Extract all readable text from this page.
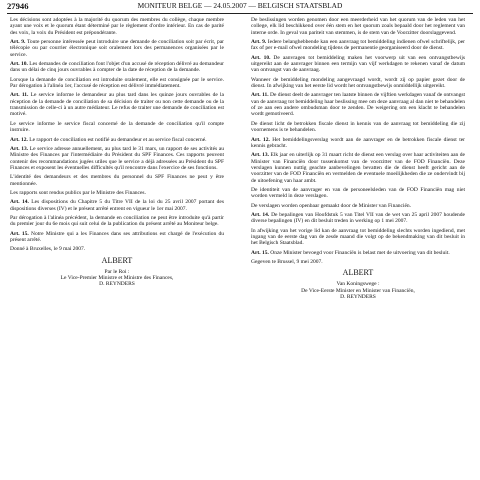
27946	MONITEUR BELGE — 24.05.2007 — BELGISCH STAATSBLAD

Les décisions sont adoptées à la majorité du quorum des membres du collège, chaque membre ayant une voix et le quorum étant déterminé par le règlement d'ordre intérieur. En cas de parité des voix, la voix du Président est prépondérante.

Art. 9. Toute personne intéressée peut introduire une demande de conciliation soit par écrit, par télécopie ou par courrier électronique soit oralement lors des permanences organisées par le service.

Art. 10. Les demandes de conciliation font l'objet d'un accusé de réception délivré au demandeur dans un délai de cinq jours ouvrables à compter de la date de réception de la demande.

Lorsque la demande de conciliation est introduite oralement, elle est consignée par le service. Par dérogation à l'alinéa 1er, l'accusé de réception est délivré immédiatement.

Art. 11. Le service informe le demandeur au plus tard dans les quinze jours ouvrables de la réception de la demande de conciliation de sa décision de traiter ou non cette demande ou de la transmission de celle-ci à un autre médiateur. Le refus de traiter une demande de conciliation est motivé.

Le service informe le service fiscal concerné de la demande de conciliation qu'il compte instruire.

Art. 12. Le rapport de conciliation est notifié au demandeur et au service fiscal concerné.

Art. 13. Le service adresse annuellement, au plus tard le 31 mars, un rapport de ses activités au Ministre des Finances par l'intermédiaire du Président du SPF Finances. Ces rapports peuvent contenir des recommandations jugées utiles que le service a déjà adressées au Président du SPF Finances et exposent les éventuelles difficultés qu'il rencontre dans l'exercice de ses fonctions.

L'identité des demandeurs et des membres du personnel du SPF Finances ne peut y être mentionnée.

Les rapports sont rendus publics par le Ministre des Finances.

Art. 14. Les dispositions du Chapitre 5 du Titre VII de la loi du 25 avril 2007 portant des dispositions diverses (IV) et le présent arrêté entrent en vigueur le 1er mai 2007.

Par dérogation à l'alinéa précédent, la demande en conciliation ne peut être introduite qu'à partir du premier jour du 6e mois qui suit celui de la publication du présent arrêté au Moniteur belge.

Art. 15. Notre Ministre qui a les Finances dans ses attributions est chargé de l'exécution du présent arrêté.

Donné à Bruxelles, le 9 mai 2007.

ALBERT

Par le Roi :

Le Vice-Premier Ministre et Ministre des Finances,

D. REYNDERS

De beslissingen worden genomen door een meerderheid van het quorum van de leden van het college, elk lid beschikkend over één stem en het quorum zoals bepaald door het reglement van interne orde. In geval van pariteit van stemmen, is de stem van de Voorzitter doorslaggevend.

Art. 9. Iedere belanghebbende kan een aanvraag tot bemiddeling indienen ofwel schriftelijk, per fax of per e-mail ofwel mondeling tijdens de permanentie georganiseerd door de dienst.

Art. 10. De aanvragen tot bemiddeling maken het voorwerp uit van een ontvangstbewijs uitgereikt aan de aanvrager binnen een termijn van vijf werkdagen te rekenen vanaf de datum van ontvangst van de aanvraag.

Wanneer de bemiddeling mondeling aangevraagd wordt, wordt zij op papier gezet door de dienst. In afwijking van het eerste lid wordt het ontvangstbewijs onmiddellijk uitgereikt.

Art. 11. De dienst deelt de aanvrager ten laatste binnen de vijftien werkdagen vanaf de ontvangst van de aanvraag tot bemiddeling haar beslissing mee om deze aanvraag al dan niet te behandelen of ze aan een andere ombudsman door te zenden. De weigering om een klacht te behandelen wordt gemotiveerd.

De dienst licht de betrokken fiscale dienst in kennis van de aanvraag tot bemiddeling die zij voornemens is te behandelen.

Art. 12. Het bemiddelingsverslag wordt aan de aanvrager en de betrokken fiscale dienst ter kennis gebracht.

Art. 13. Elk jaar en uiterlijk op 31 maart richt de dienst een verslag over haar activiteiten aan de Minister van Financiën door tussenkomst van de voorzitter van de FOD Financiën. Deze verslagen kunnen nuttig geachte aanbevelingen bevatten die de dienst heeft gericht aan de voorzitter van de FOD Financiën en vermelden de eventuele moeilijkheden die ze ondervindt bij de uitoefening van haar ambt.

De identiteit van de aanvrager en van de personeelsleden van de FOD Financiën mag niet worden vermeld in deze verslagen.

De verslagen worden openbaar gemaakt door de Minister van Financiën.

Art. 14. De bepalingen van Hoofdstuk 5 van Titel VII van de wet van 25 april 2007 houdende diverse bepalingen (IV) en dit besluit treden in werking op 1 mei 2007.

In afwijking van het vorige lid kan de aanvraag tot bemiddeling slechts worden ingediend, met ingang van de eerste dag van de zesde maand die volgt op de bekendmaking van dit besluit in het Belgisch Staatsblad.

Art. 15. Onze Minister bevoegd voor Financiën is belast met de uitvoering van dit besluit.

Gegeven te Brussel, 9 mei 2007.

ALBERT

Van Koningswege :

De Vice-Eerste Minister en Minister van Financiën,

D. REYNDERS
